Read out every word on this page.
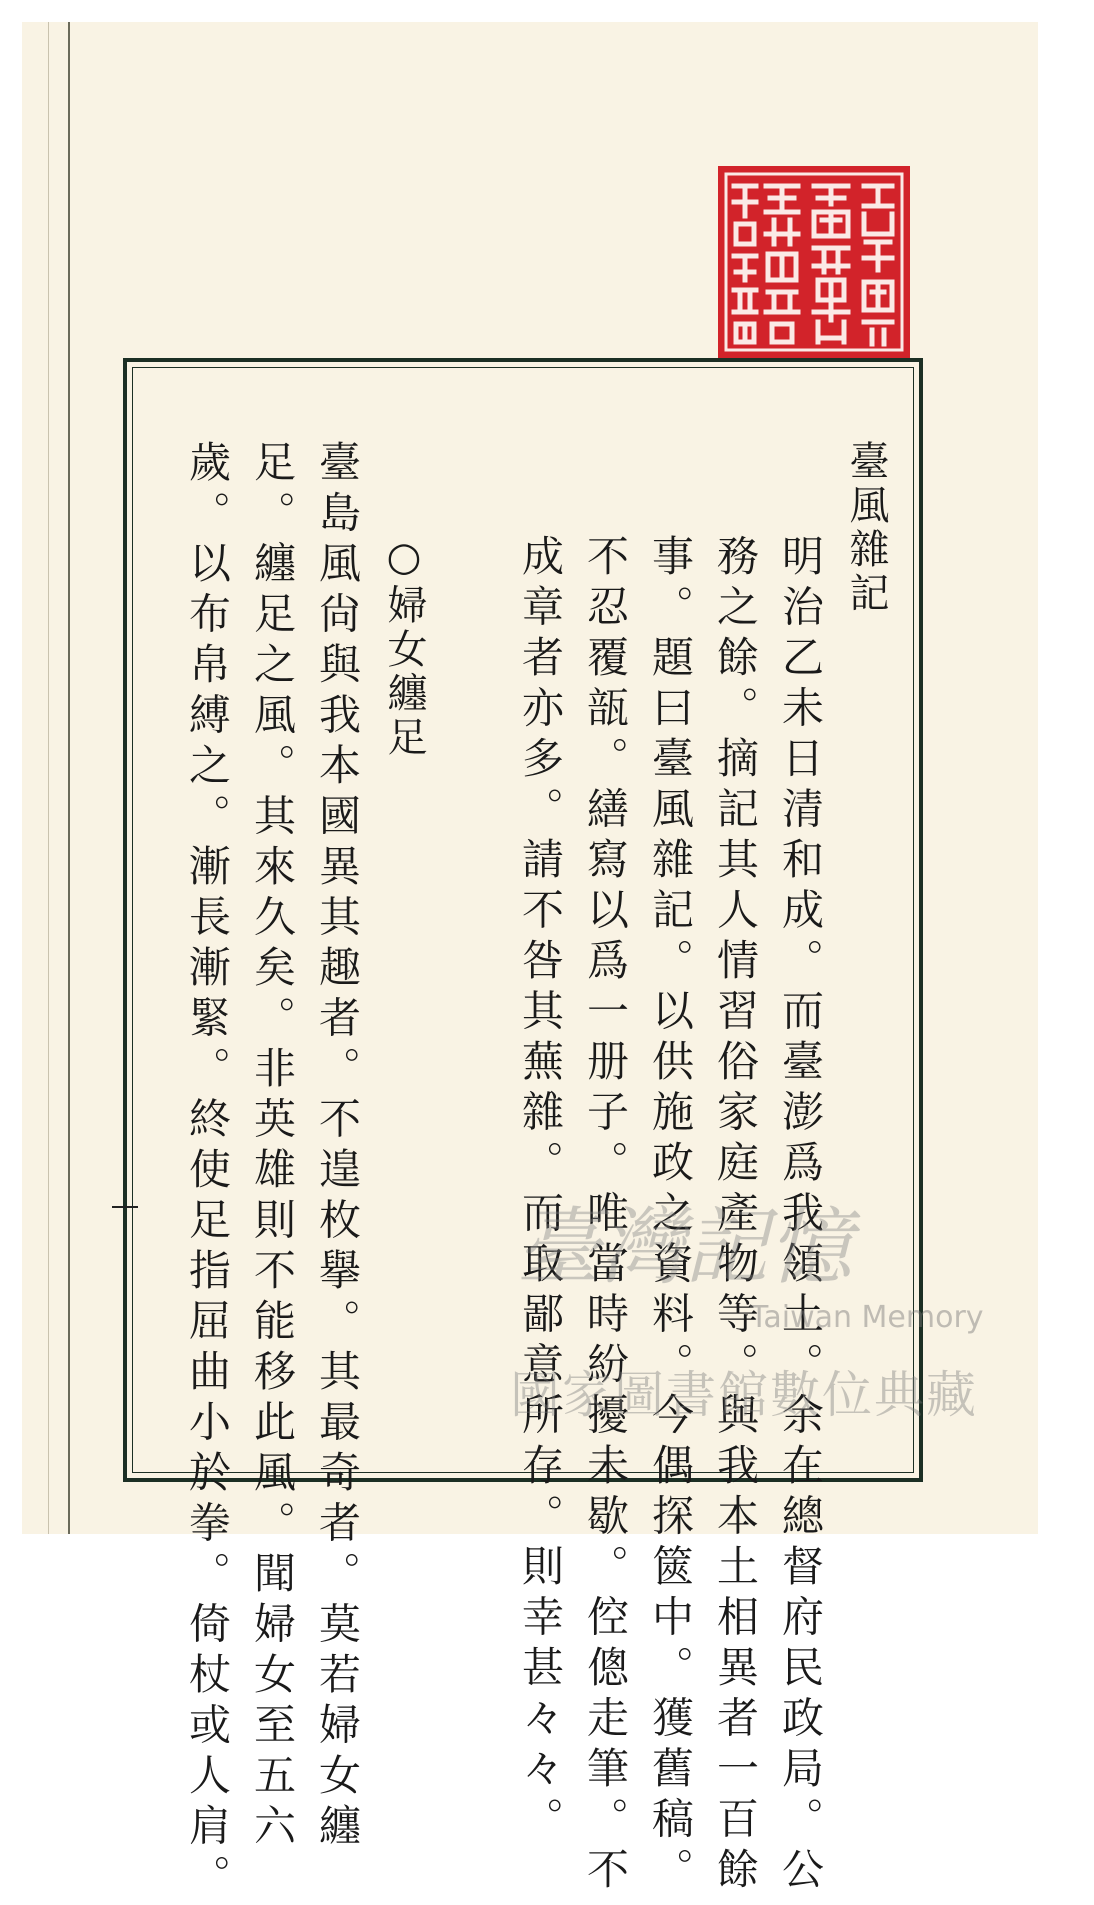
臺風雜記
明治乙未日清和成。而臺澎爲我領土。余在總督府民政局。公
務之餘。摘記其人情習俗家庭產物等。與我本土相異者一百餘
事。題曰臺風雜記。以供施政之資料。今偶探篋中。獲舊稿。
不忍覆瓿。繕寫以爲一册子。唯當時紛擾未歇。倥傯走筆。不
成章者亦多。請不咎其蕪雜。而取鄙意所存。則幸甚々々。
○婦女纏足
臺島風尙與我本國異其趣者。不遑枚擧。其最奇者。莫若婦女纏
足。纏足之風。其來久矣。非英雄則不能移此風。聞婦女至五六
歲。以布帛縛之。漸長漸緊。終使足指屈曲小於拳。倚杖或人肩。	臺灣記憶
Taiwan Memory
國家圖書館數位典藏
